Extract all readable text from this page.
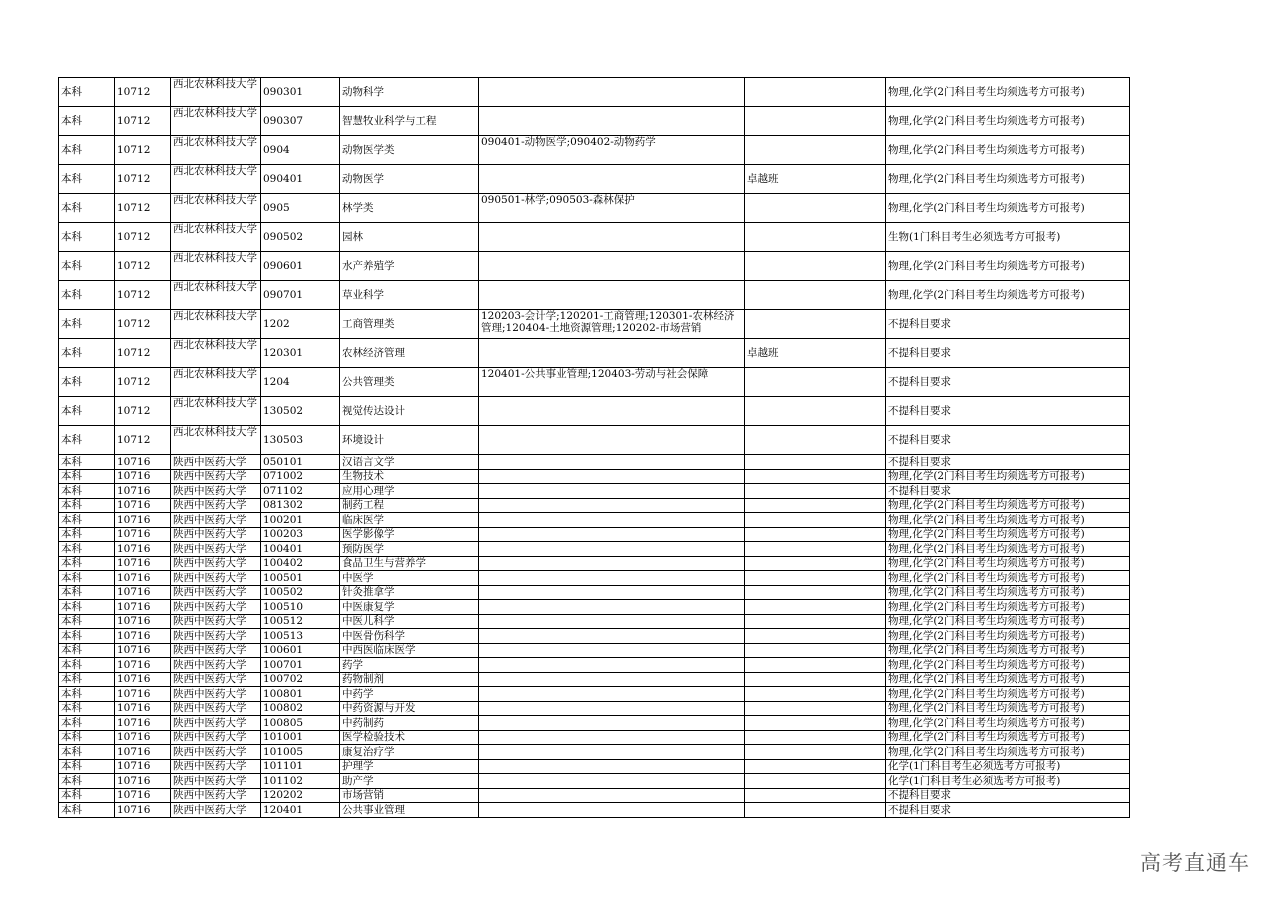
本科	10712	西北农林科技大学	090301	动物科学			物理,化学(2门科目考生均须选考方可报考)
本科	10712	西北农林科技大学	090307	智慧牧业科学与工程			物理,化学(2门科目考生均须选考方可报考)
本科	10712	西北农林科技大学	0904	动物医学类	090401-动物医学;090402-动物药学		物理,化学(2门科目考生均须选考方可报考)
本科	10712	西北农林科技大学	090401	动物医学		卓越班	物理,化学(2门科目考生均须选考方可报考)
本科	10712	西北农林科技大学	0905	林学类	090501-林学;090503-森林保护		物理,化学(2门科目考生均须选考方可报考)
本科	10712	西北农林科技大学	090502	园林			生物(1门科目考生必须选考方可报考)
本科	10712	西北农林科技大学	090601	水产养殖学			物理,化学(2门科目考生均须选考方可报考)
本科	10712	西北农林科技大学	090701	草业科学			物理,化学(2门科目考生均须选考方可报考)
本科	10712	西北农林科技大学	1202	工商管理类	120203-会计学;120201-工商管理;120301-农林经济管理;120404-土地资源管理;120202-市场营销		不提科目要求
本科	10712	西北农林科技大学	120301	农林经济管理		卓越班	不提科目要求
本科	10712	西北农林科技大学	1204	公共管理类	120401-公共事业管理;120403-劳动与社会保障		不提科目要求
本科	10712	西北农林科技大学	130502	视觉传达设计			不提科目要求
本科	10712	西北农林科技大学	130503	环境设计			不提科目要求
本科	10716	陕西中医药大学	050101	汉语言文学			不提科目要求
本科	10716	陕西中医药大学	071002	生物技术			物理,化学(2门科目考生均须选考方可报考)
本科	10716	陕西中医药大学	071102	应用心理学			不提科目要求
本科	10716	陕西中医药大学	081302	制药工程			物理,化学(2门科目考生均须选考方可报考)
本科	10716	陕西中医药大学	100201	临床医学			物理,化学(2门科目考生均须选考方可报考)
本科	10716	陕西中医药大学	100203	医学影像学			物理,化学(2门科目考生均须选考方可报考)
本科	10716	陕西中医药大学	100401	预防医学			物理,化学(2门科目考生均须选考方可报考)
本科	10716	陕西中医药大学	100402	食品卫生与营养学			物理,化学(2门科目考生均须选考方可报考)
本科	10716	陕西中医药大学	100501	中医学			物理,化学(2门科目考生均须选考方可报考)
本科	10716	陕西中医药大学	100502	针灸推拿学			物理,化学(2门科目考生均须选考方可报考)
本科	10716	陕西中医药大学	100510	中医康复学			物理,化学(2门科目考生均须选考方可报考)
本科	10716	陕西中医药大学	100512	中医儿科学			物理,化学(2门科目考生均须选考方可报考)
本科	10716	陕西中医药大学	100513	中医骨伤科学			物理,化学(2门科目考生均须选考方可报考)
本科	10716	陕西中医药大学	100601	中西医临床医学			物理,化学(2门科目考生均须选考方可报考)
本科	10716	陕西中医药大学	100701	药学			物理,化学(2门科目考生均须选考方可报考)
本科	10716	陕西中医药大学	100702	药物制剂			物理,化学(2门科目考生均须选考方可报考)
本科	10716	陕西中医药大学	100801	中药学			物理,化学(2门科目考生均须选考方可报考)
本科	10716	陕西中医药大学	100802	中药资源与开发			物理,化学(2门科目考生均须选考方可报考)
本科	10716	陕西中医药大学	100805	中药制药			物理,化学(2门科目考生均须选考方可报考)
本科	10716	陕西中医药大学	101001	医学检验技术			物理,化学(2门科目考生均须选考方可报考)
本科	10716	陕西中医药大学	101005	康复治疗学			物理,化学(2门科目考生均须选考方可报考)
本科	10716	陕西中医药大学	101101	护理学			化学(1门科目考生必须选考方可报考)
本科	10716	陕西中医药大学	101102	助产学			化学(1门科目考生必须选考方可报考)
本科	10716	陕西中医药大学	120202	市场营销			不提科目要求
本科	10716	陕西中医药大学	120401	公共事业管理			不提科目要求
高考直通车
